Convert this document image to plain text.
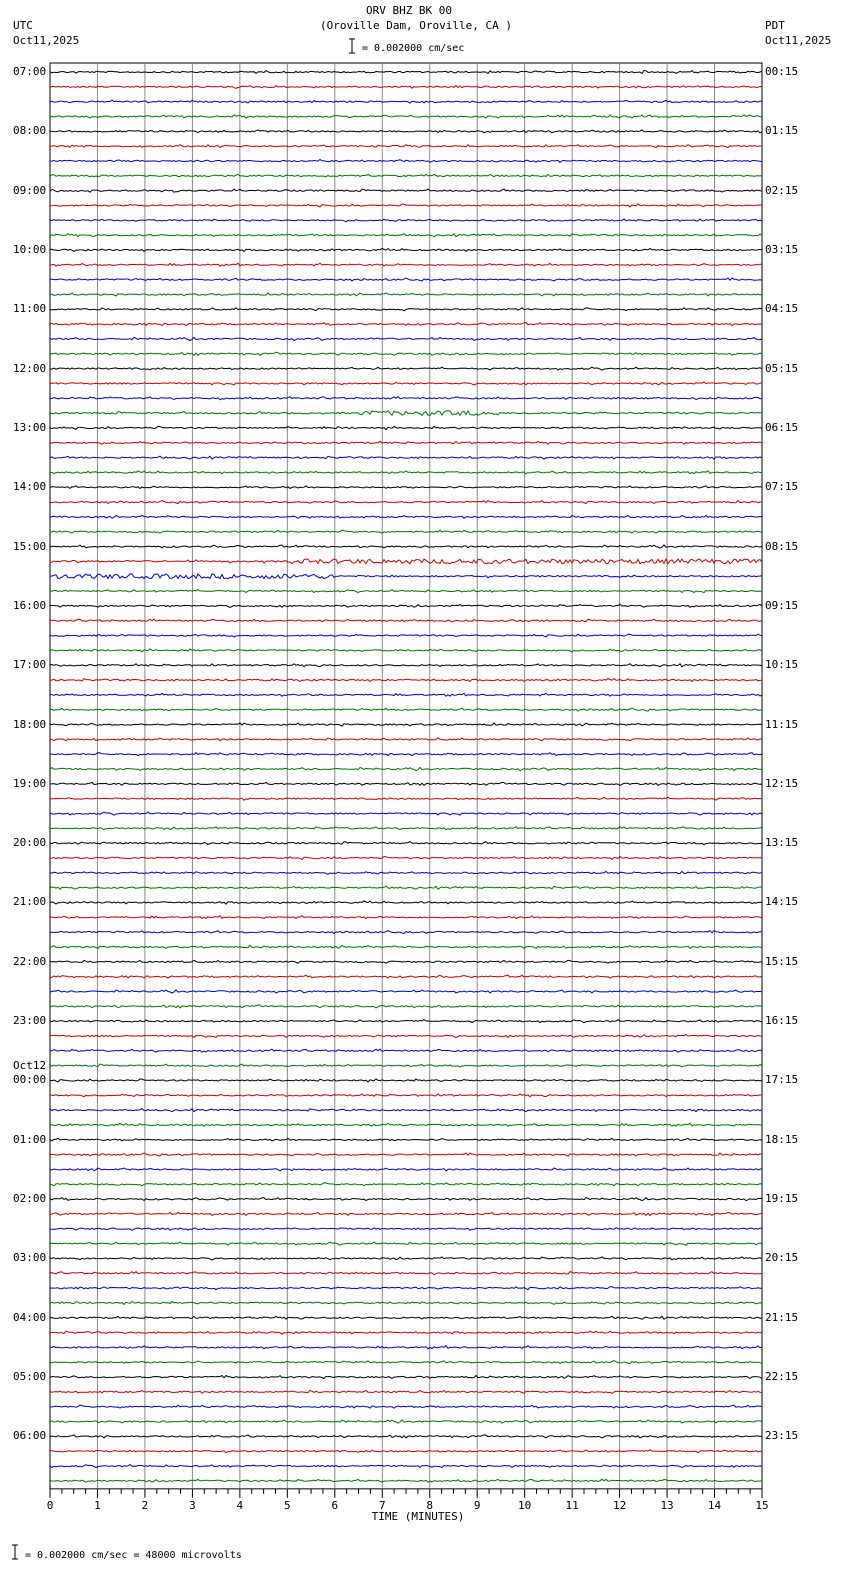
ORV BHZ BK 00
(Oroville Dam, Oroville, CA )
= 0.002000 cm/sec
UTC
Oct11,2025
PDT
Oct11,2025
07:00
08:00
09:00
10:00
11:00
12:00
13:00
14:00
15:00
16:00
17:00
18:00
19:00
20:00
21:00
22:00
23:00
Oct12
00:00
01:00
02:00
03:00
04:00
05:00
06:00
00:15
01:15
02:15
03:15
04:15
05:15
06:15
07:15
08:15
09:15
10:15
11:15
12:15
13:15
14:15
15:15
16:15
17:15
18:15
19:15
20:15
21:15
22:15
23:15
0	1	2	3	4	5	6	7	8	9	10	11	12	13	14	15
TIME (MINUTES)
= 0.002000 cm/sec = 48000 microvolts
